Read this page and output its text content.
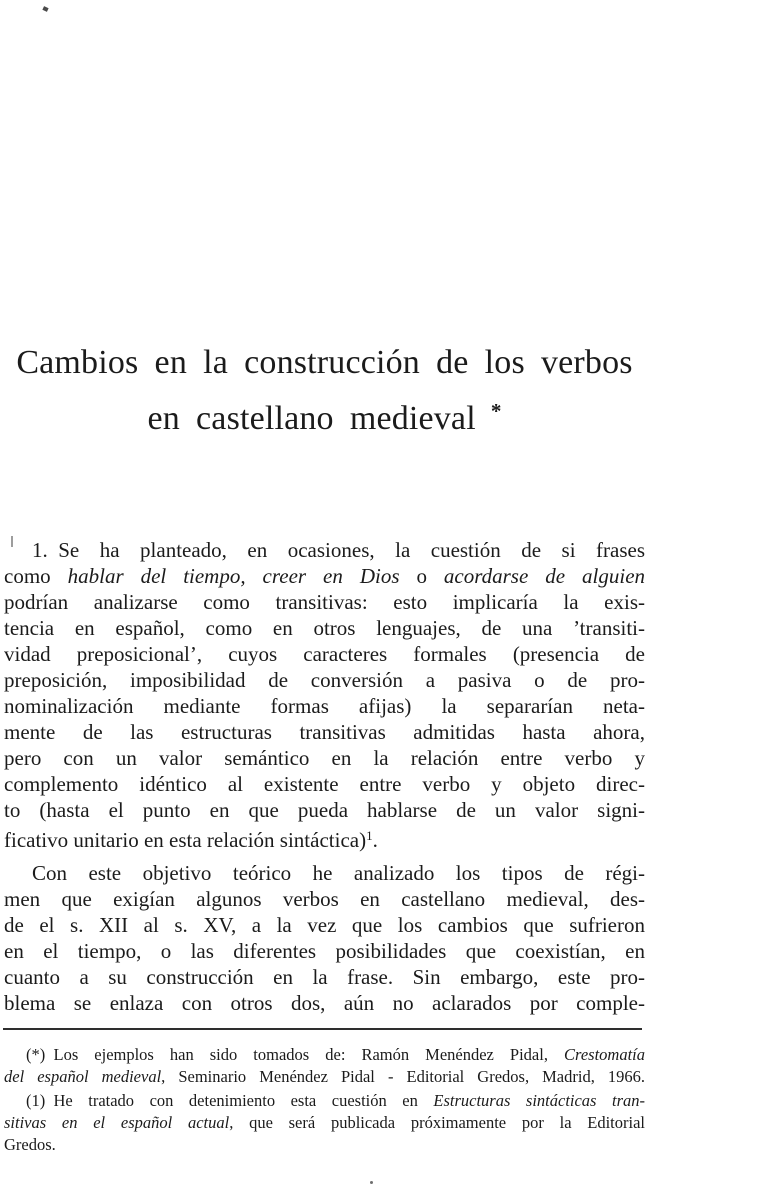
Cambios en la construcción de los verbos
en castellano medieval *
1. Se ha planteado, en ocasiones, la cuestión de si frases
como hablar del tiempo, creer en Dios o acordarse de alguien
podrían analizarse como transitivas: esto implicaría la exis-
tencia en español, como en otros lenguajes, de una ’transiti-
vidad preposicional’, cuyos caracteres formales (presencia de
preposición, imposibilidad de conversión a pasiva o de pro-
nominalización mediante formas afijas) la separarían neta-
mente de las estructuras transitivas admitidas hasta ahora,
pero con un valor semántico en la relación entre verbo y
complemento idéntico al existente entre verbo y objeto direc-
to (hasta el punto en que pueda hablarse de un valor signi-
ficativo unitario en esta relación sintáctica)$^1$.
Con este objetivo teórico he analizado los tipos de régi-
men que exigían algunos verbos en castellano medieval, des-
de el s. XII al s. XV, a la vez que los cambios que sufrieron
en el tiempo, o las diferentes posibilidades que coexistían, en
cuanto a su construcción en la frase. Sin embargo, este pro-
blema se enlaza con otros dos, aún no aclarados por comple-
(*) Los ejemplos han sido tomados de: Ramón Menéndez Pidal, Crestomatía
del español medieval, Seminario Menéndez Pidal - Editorial Gredos, Madrid, 1966.
(1) He tratado con detenimiento esta cuestión en Estructuras sintácticas tran-
sitivas en el español actual, que será publicada próximamente por la Editorial
Gredos.
